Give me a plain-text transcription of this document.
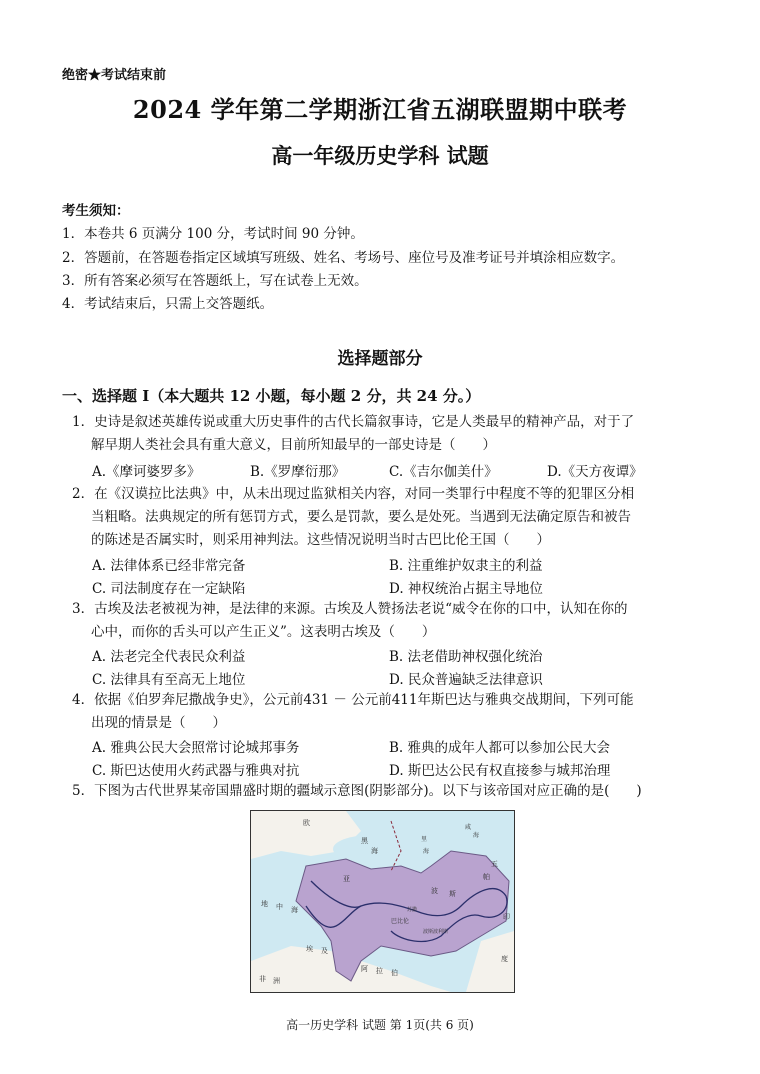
绝密★考试结束前
2024 学年第二学期浙江省五湖联盟期中联考
高一年级历史学科 试题
考生须知：
1．本卷共 6 页满分 100 分，考试时间 90 分钟。
2．答题前，在答题卷指定区域填写班级、姓名、考场号、座位号及准考证号并填涂相应数字。
3．所有答案必须写在答题纸上，写在试卷上无效。
4．考试结束后，只需上交答题纸。
选择题部分
一、选择题 I（本大题共 12 小题，每小题 2 分，共 24 分。）
1．史诗是叙述英雄传说或重大历史事件的古代长篇叙事诗，它是人类最早的精神产品，对于了
解早期人类社会具有重大意义，目前所知最早的一部史诗是（　　）
A.《摩诃婆罗多》	B.《罗摩衍那》	C.《吉尔伽美什》	D.《天方夜谭》
2．在《汉谟拉比法典》中，从未出现过监狱相关内容，对同一类罪行中程度不等的犯罪区分相
当粗略。法典规定的所有惩罚方式，要么是罚款，要么是处死。当遇到无法确定原告和被告
的陈述是否属实时，则采用神判法。这些情况说明当时古巴比伦王国（　　）
A. 法律体系已经非常完备	B. 注重维护奴隶主的利益
C. 司法制度存在一定缺陷	D. 神权统治占据主导地位
3．古埃及法老被视为神，是法律的来源。古埃及人赞扬法老说“威令在你的口中，认知在你的
心中，而你的舌头可以产生正义”。这表明古埃及（　　）
A. 法老完全代表民众利益	B. 法老借助神权强化统治
C. 法律具有至高无上地位	D. 民众普遍缺乏法律意识
4．依据《伯罗奔尼撒战争史》，公元前431 － 公元前411年斯巴达与雅典交战期间，下列可能
出现的情景是（　　）
A. 雅典公民大会照常讨论城邦事务	B. 雅典的成年人都可以参加公民大会
C. 斯巴达使用火药武器与雅典对抗	D. 斯巴达公民有权直接参与城邦治理
5．下图为古代世界某帝国鼎盛时期的疆域示意图(阴影部分)。以下与该帝国对应正确的是(　　)
欧
黑
海
亚
波 斯
帕
五
印
度
巴比伦
波斯波利斯
苏撒
阿 拉 伯
埃 及
地 中 海
非 洲
咸
海
里
海
高一历史学科 试题 第 1页(共 6 页)
